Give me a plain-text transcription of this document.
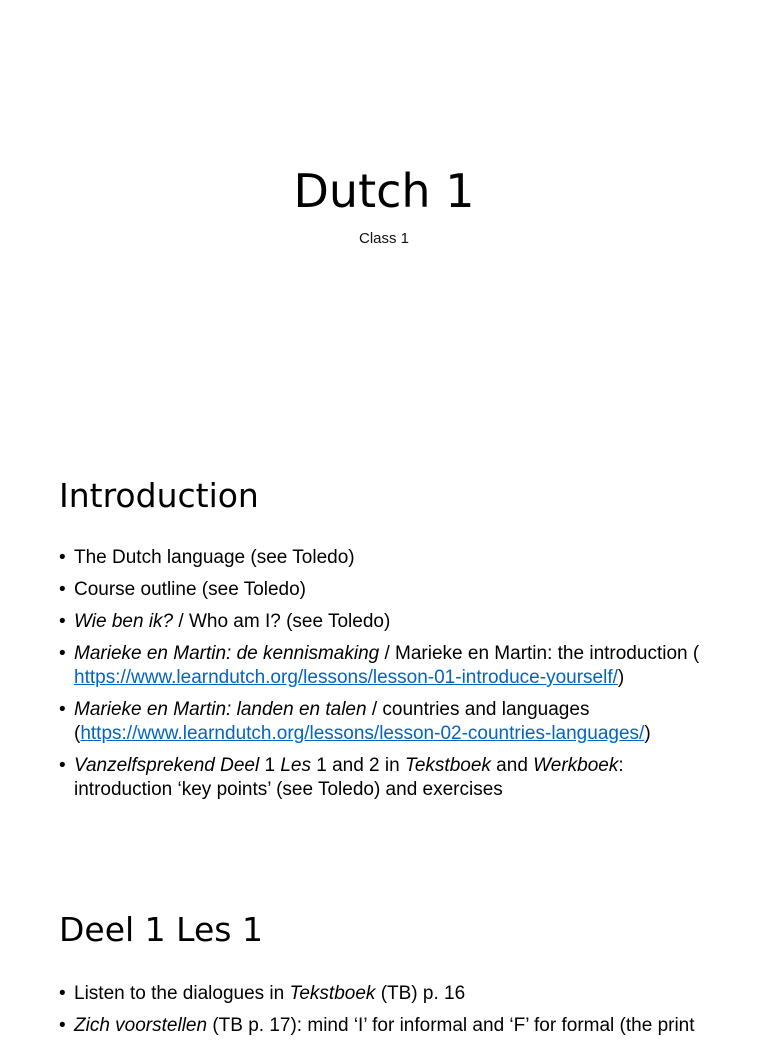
Dutch 1
Class 1
Introduction
• The Dutch language (see Toledo)
• Course outline (see Toledo)
• Wie ben ik? / Who am I? (see Toledo)
• Marieke en Martin: de kennismaking / Marieke en Martin: the introduction (
https://www.learndutch.org/lessons/lesson-01-introduce-yourself/)
• Marieke en Martin: landen en talen / countries and languages (https://www.learndutch.org/lessons/lesson-02-countries-languages/)
• Vanzelfsprekend Deel 1 Les 1 and 2 in Tekstboek and Werkboek: introduction ‘key points’ (see Toledo) and exercises
Deel 1 Les 1
• Listen to the dialogues in Tekstboek (TB) p. 16
• Zich voorstellen (TB p. 17): mind ‘I’ for informal and ‘F’ for formal (the print
